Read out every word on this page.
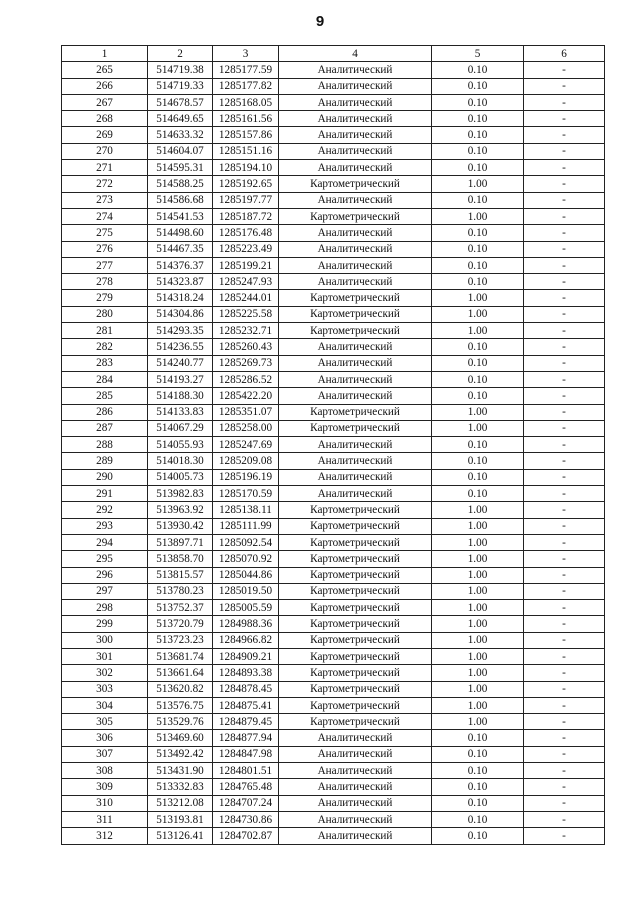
9
1	2	3	4	5	6
265	514719.38	1285177.59	Аналитический	0.10	-
266	514719.33	1285177.82	Аналитический	0.10	-
267	514678.57	1285168.05	Аналитический	0.10	-
268	514649.65	1285161.56	Аналитический	0.10	-
269	514633.32	1285157.86	Аналитический	0.10	-
270	514604.07	1285151.16	Аналитический	0.10	-
271	514595.31	1285194.10	Аналитический	0.10	-
272	514588.25	1285192.65	Картометрический	1.00	-
273	514586.68	1285197.77	Аналитический	0.10	-
274	514541.53	1285187.72	Картометрический	1.00	-
275	514498.60	1285176.48	Аналитический	0.10	-
276	514467.35	1285223.49	Аналитический	0.10	-
277	514376.37	1285199.21	Аналитический	0.10	-
278	514323.87	1285247.93	Аналитический	0.10	-
279	514318.24	1285244.01	Картометрический	1.00	-
280	514304.86	1285225.58	Картометрический	1.00	-
281	514293.35	1285232.71	Картометрический	1.00	-
282	514236.55	1285260.43	Аналитический	0.10	-
283	514240.77	1285269.73	Аналитический	0.10	-
284	514193.27	1285286.52	Аналитический	0.10	-
285	514188.30	1285422.20	Аналитический	0.10	-
286	514133.83	1285351.07	Картометрический	1.00	-
287	514067.29	1285258.00	Картометрический	1.00	-
288	514055.93	1285247.69	Аналитический	0.10	-
289	514018.30	1285209.08	Аналитический	0.10	-
290	514005.73	1285196.19	Аналитический	0.10	-
291	513982.83	1285170.59	Аналитический	0.10	-
292	513963.92	1285138.11	Картометрический	1.00	-
293	513930.42	1285111.99	Картометрический	1.00	-
294	513897.71	1285092.54	Картометрический	1.00	-
295	513858.70	1285070.92	Картометрический	1.00	-
296	513815.57	1285044.86	Картометрический	1.00	-
297	513780.23	1285019.50	Картометрический	1.00	-
298	513752.37	1285005.59	Картометрический	1.00	-
299	513720.79	1284988.36	Картометрический	1.00	-
300	513723.23	1284966.82	Картометрический	1.00	-
301	513681.74	1284909.21	Картометрический	1.00	-
302	513661.64	1284893.38	Картометрический	1.00	-
303	513620.82	1284878.45	Картометрический	1.00	-
304	513576.75	1284875.41	Картометрический	1.00	-
305	513529.76	1284879.45	Картометрический	1.00	-
306	513469.60	1284877.94	Аналитический	0.10	-
307	513492.42	1284847.98	Аналитический	0.10	-
308	513431.90	1284801.51	Аналитический	0.10	-
309	513332.83	1284765.48	Аналитический	0.10	-
310	513212.08	1284707.24	Аналитический	0.10	-
311	513193.81	1284730.86	Аналитический	0.10	-
312	513126.41	1284702.87	Аналитический	0.10	-
